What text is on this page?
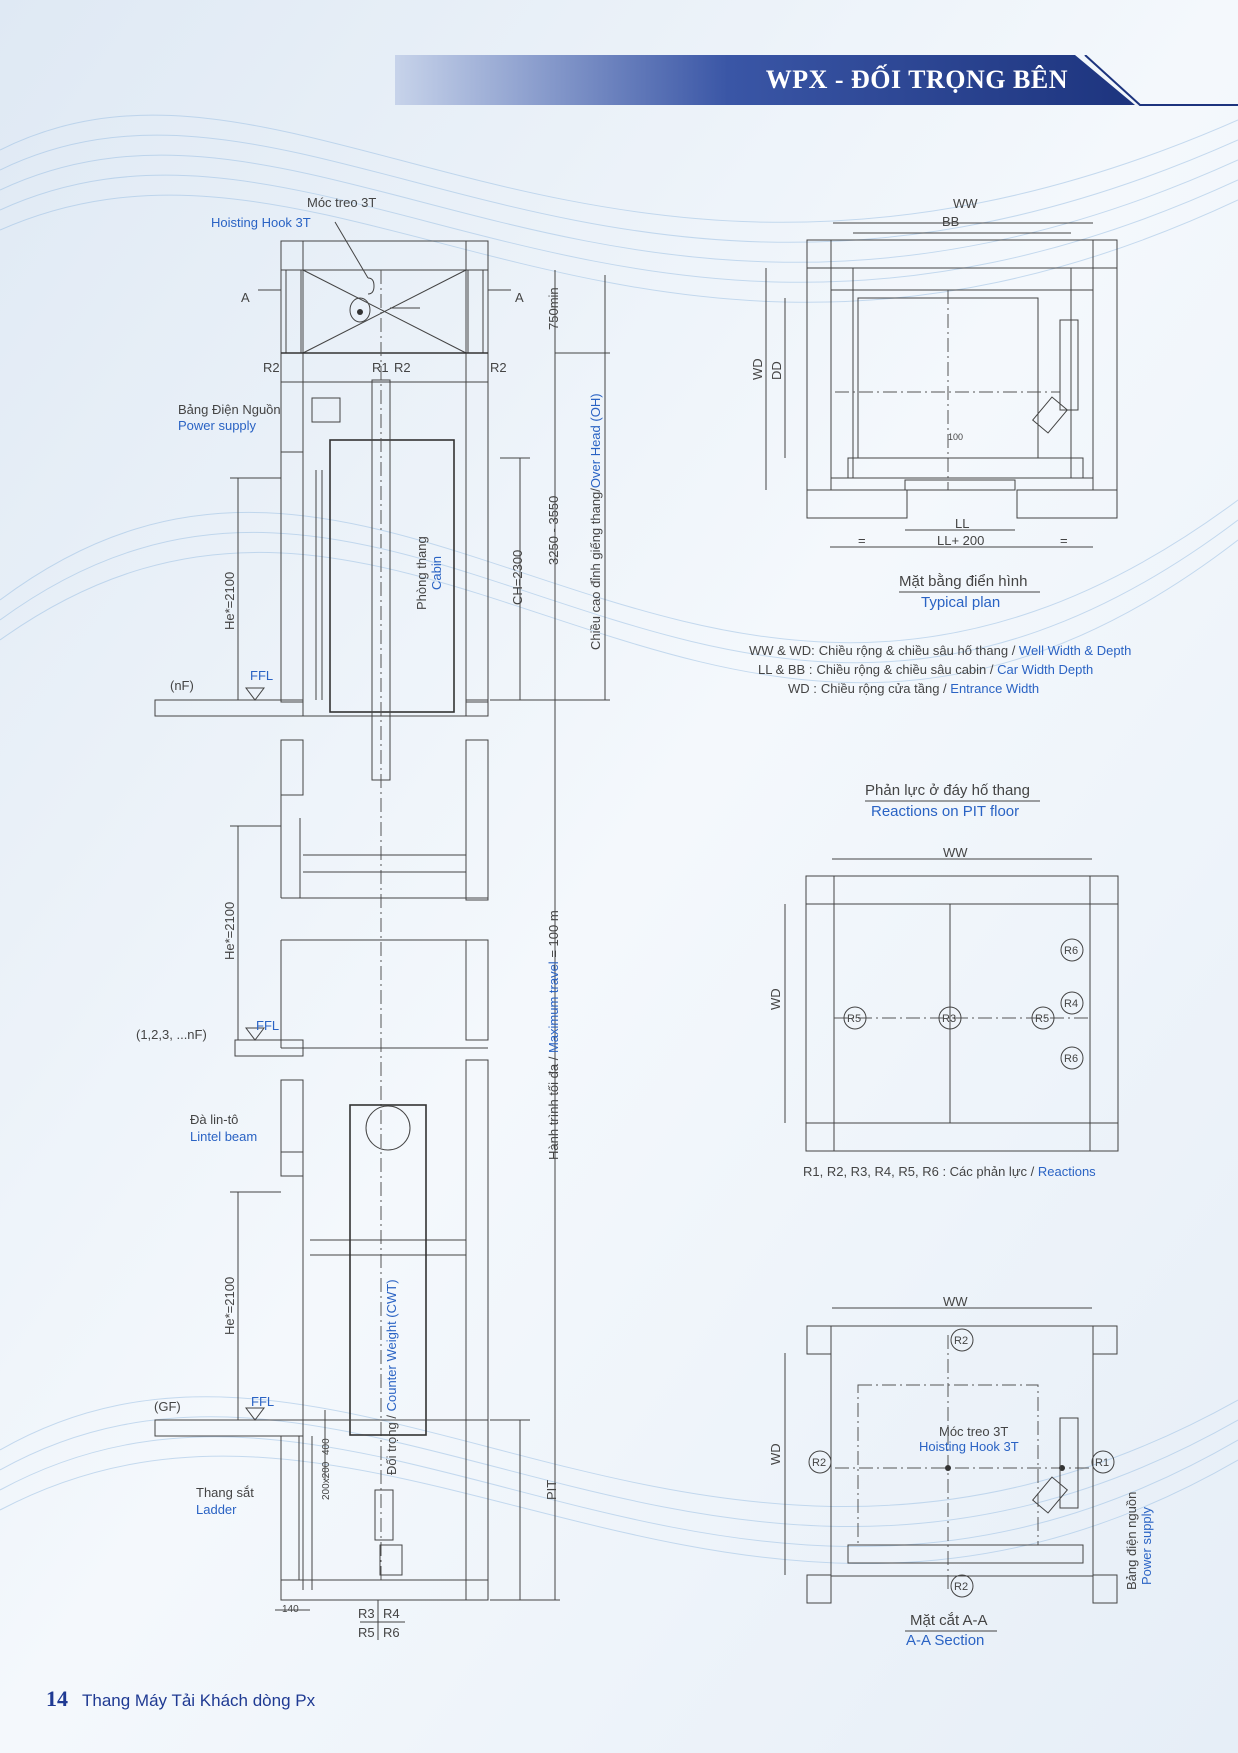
WPX - ĐỐI TRỌNG BÊN
Móc treo 3T
Hoisting Hook 3T
A	A
R2	R1 R2	R2
Bảng Điện Nguồn
Power supply
Phòng thang Cabin	CH=2300
3250 - 3550
750min
Chiều cao đỉnh giếng thang/Over Head (OH)
He*=2100
He*=2100
He*=2100
(nF)
FFL
(1,2,3, ...nF)
FFL
(GF)	FFL
Đà lin-tô
Lintel beam
Thang sắt
Ladder
Đối trọng / Counter Weight (CWT)
Hành trình tối đa / Maximum travel = 100 m
PIT
400
200x200
140	R3 R4
R5 R6
WW
BB
WD DD
100
LL
LL+ 200
=	=
Mặt bằng điển hình
Typical plan
WW & WD: Chiều rộng & chiều sâu hố thang / Well Width & Depth
LL & BB : Chiều rộng & chiều sâu cabin / Car Width Depth
WD : Chiều rộng cửa tầng / Entrance Width
Phản lực ở đáy hố thang
Reactions on PIT floor
WW
WD
R5	R3	R5
R4
R6
R6
R1, R2, R3, R4, R5, R6 : Các phản lực / Reactions
WW
WD	R2	R1
R2
R2
Móc treo 3T
Hoisting Hook 3T
Bảng điện nguồn Power supply
Mặt cắt A-A
A-A Section
14 Thang Máy Tải Khách dòng Px
